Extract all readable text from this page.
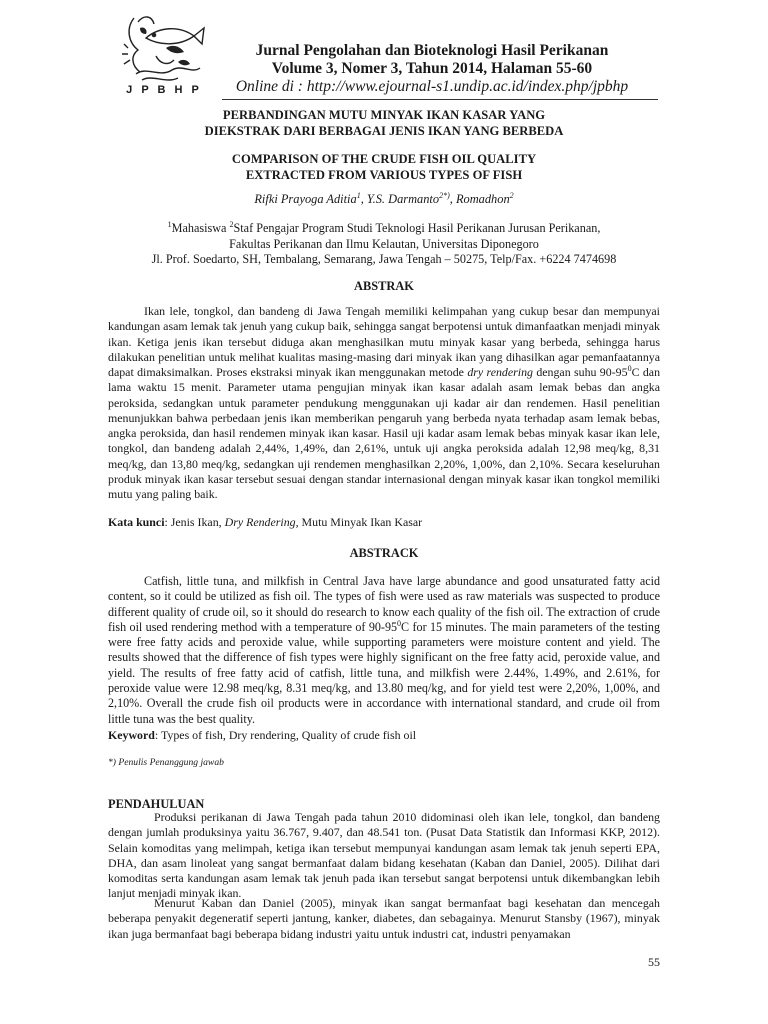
J P B H P
Jurnal Pengolahan dan Bioteknologi Hasil Perikanan
Volume 3, Nomer 3, Tahun 2014, Halaman 55-60
Online di : http://www.ejournal-s1.undip.ac.id/index.php/jpbhp
PERBANDINGAN MUTU MINYAK IKAN KASAR YANG
DIEKSTRAK DARI BERBAGAI JENIS IKAN YANG BERBEDA
COMPARISON OF THE CRUDE FISH OIL QUALITY
EXTRACTED FROM VARIOUS TYPES OF FISH
Rifki Prayoga Aditia$^1$, Y.S. Darmanto$^{2*)}$, Romadhon$^2$
$^1$Mahasiswa $^2$Staf Pengajar Program Studi Teknologi Hasil Perikanan Jurusan Perikanan,
Fakultas Perikanan dan Ilmu Kelautan, Universitas Diponegoro
Jl. Prof. Soedarto, SH, Tembalang, Semarang, Jawa Tengah – 50275, Telp/Fax. +6224 7474698
ABSTRAK
Ikan lele, tongkol, dan bandeng di Jawa Tengah memiliki kelimpahan yang cukup besar dan mempunyai kandungan asam lemak tak jenuh yang cukup baik, sehingga sangat berpotensi untuk dimanfaatkan menjadi minyak ikan. Ketiga jenis ikan tersebut diduga akan menghasilkan mutu minyak kasar yang berbeda, sehingga harus dilakukan penelitian untuk melihat kualitas masing-masing dari minyak ikan yang dihasilkan agar pemanfaatannya dapat dimaksimalkan. Proses ekstraksi minyak ikan menggunakan metode dry rendering dengan suhu $90-95^0C$ dan lama waktu 15 menit. Parameter utama pengujian minyak ikan kasar adalah asam lemak bebas dan angka peroksida, sedangkan untuk parameter pendukung menggunakan uji kadar air dan rendemen. Hasil penelitian menunjukkan bahwa perbedaan jenis ikan memberikan pengaruh yang berbeda nyata terhadap asam lemak bebas, angka peroksida, dan hasil rendemen minyak ikan kasar. Hasil uji kadar asam lemak bebas minyak kasar ikan lele, tongkol, dan bandeng adalah 2,44%, 1,49%, dan 2,61%, untuk uji angka peroksida adalah 12,98 meq/kg, 8,31 meq/kg, dan 13,80 meq/kg, sedangkan uji rendemen menghasilkan 2,20%, 1,00%, dan 2,10%. Secara keseluruhan produk minyak ikan kasar tersebut sesuai dengan standar internasional dengan minyak kasar ikan tongkol memiliki mutu yang paling baik.
Kata kunci: Jenis Ikan, Dry Rendering, Mutu Minyak Ikan Kasar
ABSTRACK
Catfish, little tuna, and milkfish in Central Java have large abundance and good unsaturated fatty acid content, so it could be utilized as fish oil. The types of fish were used as raw materials was suspected to produce different quality of crude oil, so it should do research to know each quality of the fish oil. The extraction of crude fish oil used rendering method with a temperature of $90-95^0C$ for 15 minutes. The main parameters of the testing were free fatty acids and peroxide value, while supporting parameters were moisture content and yield. The results showed that the difference of fish types were highly significant on the free fatty acid, peroxide value, and yield. The results of free fatty acid of catfish, little tuna, and milkfish were 2.44%, 1.49%, and 2.61%, for peroxide value were 12.98 meq/kg, 8.31 meq/kg, and 13.80 meq/kg, and for yield test were 2,20%, 1,00%, and 2,10%. Overall the crude fish oil products were in accordance with international standard, and crude oil from little tuna was the best quality.
Keyword: Types of fish, Dry rendering, Quality of crude fish oil
*) Penulis Penanggung jawab
PENDAHULUAN
Produksi perikanan di Jawa Tengah pada tahun 2010 didominasi oleh ikan lele, tongkol, dan bandeng dengan jumlah produksinya yaitu 36.767, 9.407, dan 48.541 ton. (Pusat Data Statistik dan Informasi KKP, 2012). Selain komoditas yang melimpah, ketiga ikan tersebut mempunyai kandungan asam lemak tak jenuh seperti EPA, DHA, dan asam linoleat yang sangat bermanfaat dalam bidang kesehatan (Kaban dan Daniel, 2005). Dilihat dari komoditas serta kandungan asam lemak tak jenuh pada ikan tersebut sangat berpotensi untuk dikembangkan lebih lanjut menjadi minyak ikan.
Menurut Kaban dan Daniel (2005), minyak ikan sangat bermanfaat bagi kesehatan dan mencegah
beberapa penyakit degeneratif seperti jantung, kanker, diabetes, dan sebagainya. Menurut Stansby (1967), minyak ikan juga bermanfaat bagi beberapa bidang industri yaitu untuk industri cat, industri penyamakan
55
